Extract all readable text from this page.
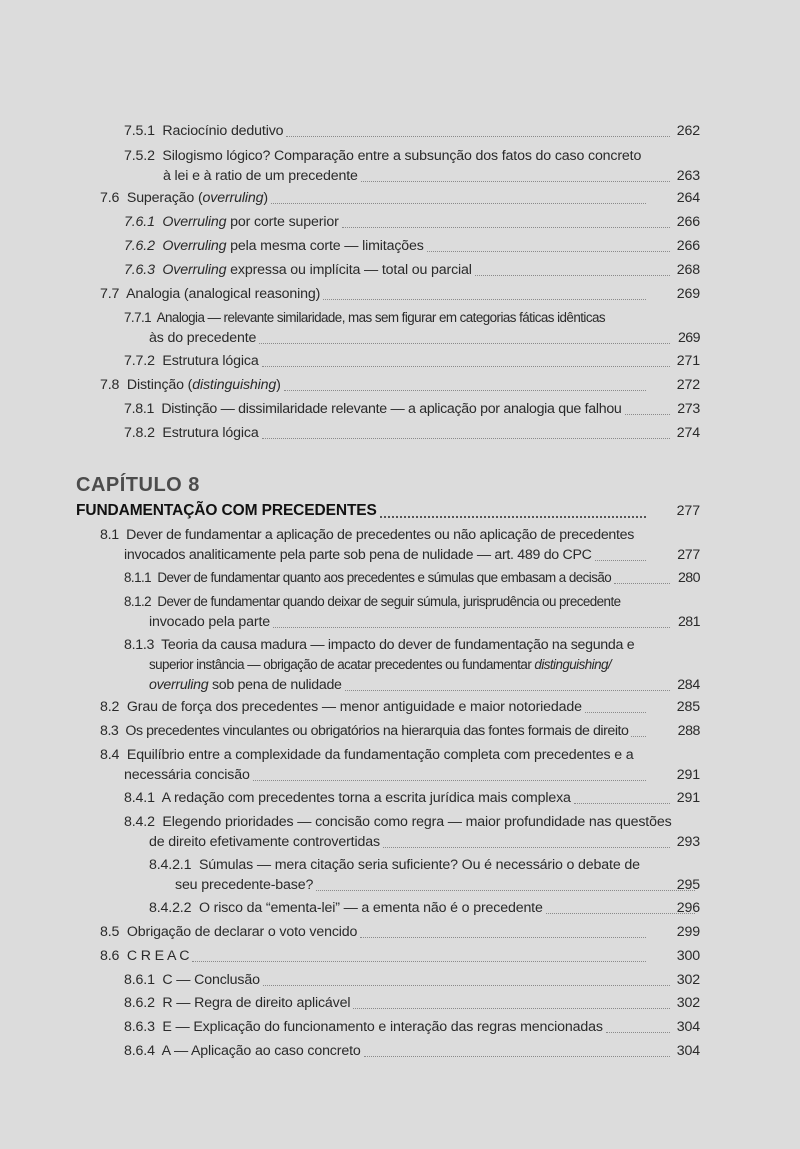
7.5.1 Raciocínio dedutivo	262
7.5.2 Silogismo lógico? Comparação entre a subsunção dos fatos do caso concreto
à lei e à ratio de um precedente	263
7.6 Superação (overruling)	264
7.6.1 Overruling por corte superior	266
7.6.2 Overruling pela mesma corte — limitações	266
7.6.3 Overruling expressa ou implícita — total ou parcial	268
7.7 Analogia (analogical reasoning)	269
7.7.1 Analogia — relevante similaridade, mas sem figurar em categorias fáticas idênticas
às do precedente	269
7.7.2 Estrutura lógica	271
7.8 Distinção (distinguishing)	272
7.8.1 Distinção — dissimilaridade relevante — a aplicação por analogia que falhou	273
7.8.2 Estrutura lógica	274
CAPÍTULO 8
FUNDAMENTAÇÃO COM PRECEDENTES	277
8.1 Dever de fundamentar a aplicação de precedentes ou não aplicação de precedentes
invocados analiticamente pela parte sob pena de nulidade — art. 489 do CPC	277
8.1.1 Dever de fundamentar quanto aos precedentes e súmulas que embasam a decisão	280
8.1.2 Dever de fundamentar quando deixar de seguir súmula, jurisprudência ou precedente
invocado pela parte	281
8.1.3 Teoria da causa madura — impacto do dever de fundamentação na segunda e
superior instância — obrigação de acatar precedentes ou fundamentar distinguishing/
overruling sob pena de nulidade	284
8.2 Grau de força dos precedentes — menor antiguidade e maior notoriedade	285
8.3 Os precedentes vinculantes ou obrigatórios na hierarquia das fontes formais de direito	288
8.4 Equilíbrio entre a complexidade da fundamentação completa com precedentes e a
necessária concisão	291
8.4.1 A redação com precedentes torna a escrita jurídica mais complexa	291
8.4.2 Elegendo prioridades — concisão como regra — maior profundidade nas questões
de direito efetivamente controvertidas	293
8.4.2.1 Súmulas — mera citação seria suficiente? Ou é necessário o debate de
seu precedente-base?	295
8.4.2.2 O risco da “ementa-lei” — a ementa não é o precedente	296
8.5 Obrigação de declarar o voto vencido	299
8.6 C R E A C	300
8.6.1 C — Conclusão	302
8.6.2 R — Regra de direito aplicável	302
8.6.3 E — Explicação do funcionamento e interação das regras mencionadas	304
8.6.4 A — Aplicação ao caso concreto	304
